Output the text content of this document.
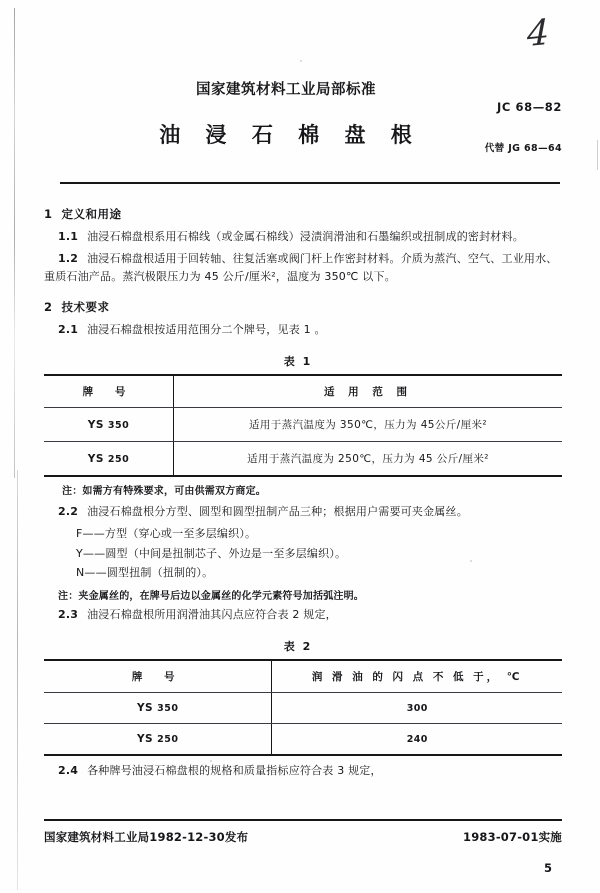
4
国家建筑材料工业局部标准
油 浸 石 棉 盘 根
JC 68—82
代替 JG 68—64
1 定义和用途
1.1 油浸石棉盘根系用石棉线（或金属石棉线）浸渍润滑油和石墨编织或扭制成的密封材料。
1.2 油浸石棉盘根适用于回转轴、往复活塞或阀门杆上作密封材料。介质为蒸汽、空气、工业用水、
重质石油产品。蒸汽极限压力为 45 公斤/厘米²，温度为 350℃ 以下。
2 技术要求
2.1 油浸石棉盘根按适用范围分二个牌号，见表 1 。
表 1
牌 号	适 用 范 围
YS 350	适用于蒸汽温度为 350℃，压力为 45公斤/厘米²
YS 250	适用于蒸汽温度为 250℃，压力为 45 公斤/厘米²
注：如需方有特殊要求，可由供需双方商定。
2.2 油浸石棉盘根分方型、圆型和圆型扭制产品三种；根据用户需要可夹金属丝。
F——方型（穿心或一至多层编织）。
Y——圆型（中间是扭制芯子、外边是一至多层编织）。
N——圆型扭制（扭制的）。
注：夹金属丝的，在牌号后边以金属丝的化学元素符号加括弧注明。
2.3 油浸石棉盘根所用润滑油其闪点应符合表 2 规定，
表 2
牌 号	润 滑 油 的 闪 点 不 低 于， ℃
YS 350	300
YS 250	240
2.4 各种牌号油浸石棉盘根的规格和质量指标应符合表 3 规定，
国家建筑材料工业局1982-12-30发布	1983-07-01实施
5
